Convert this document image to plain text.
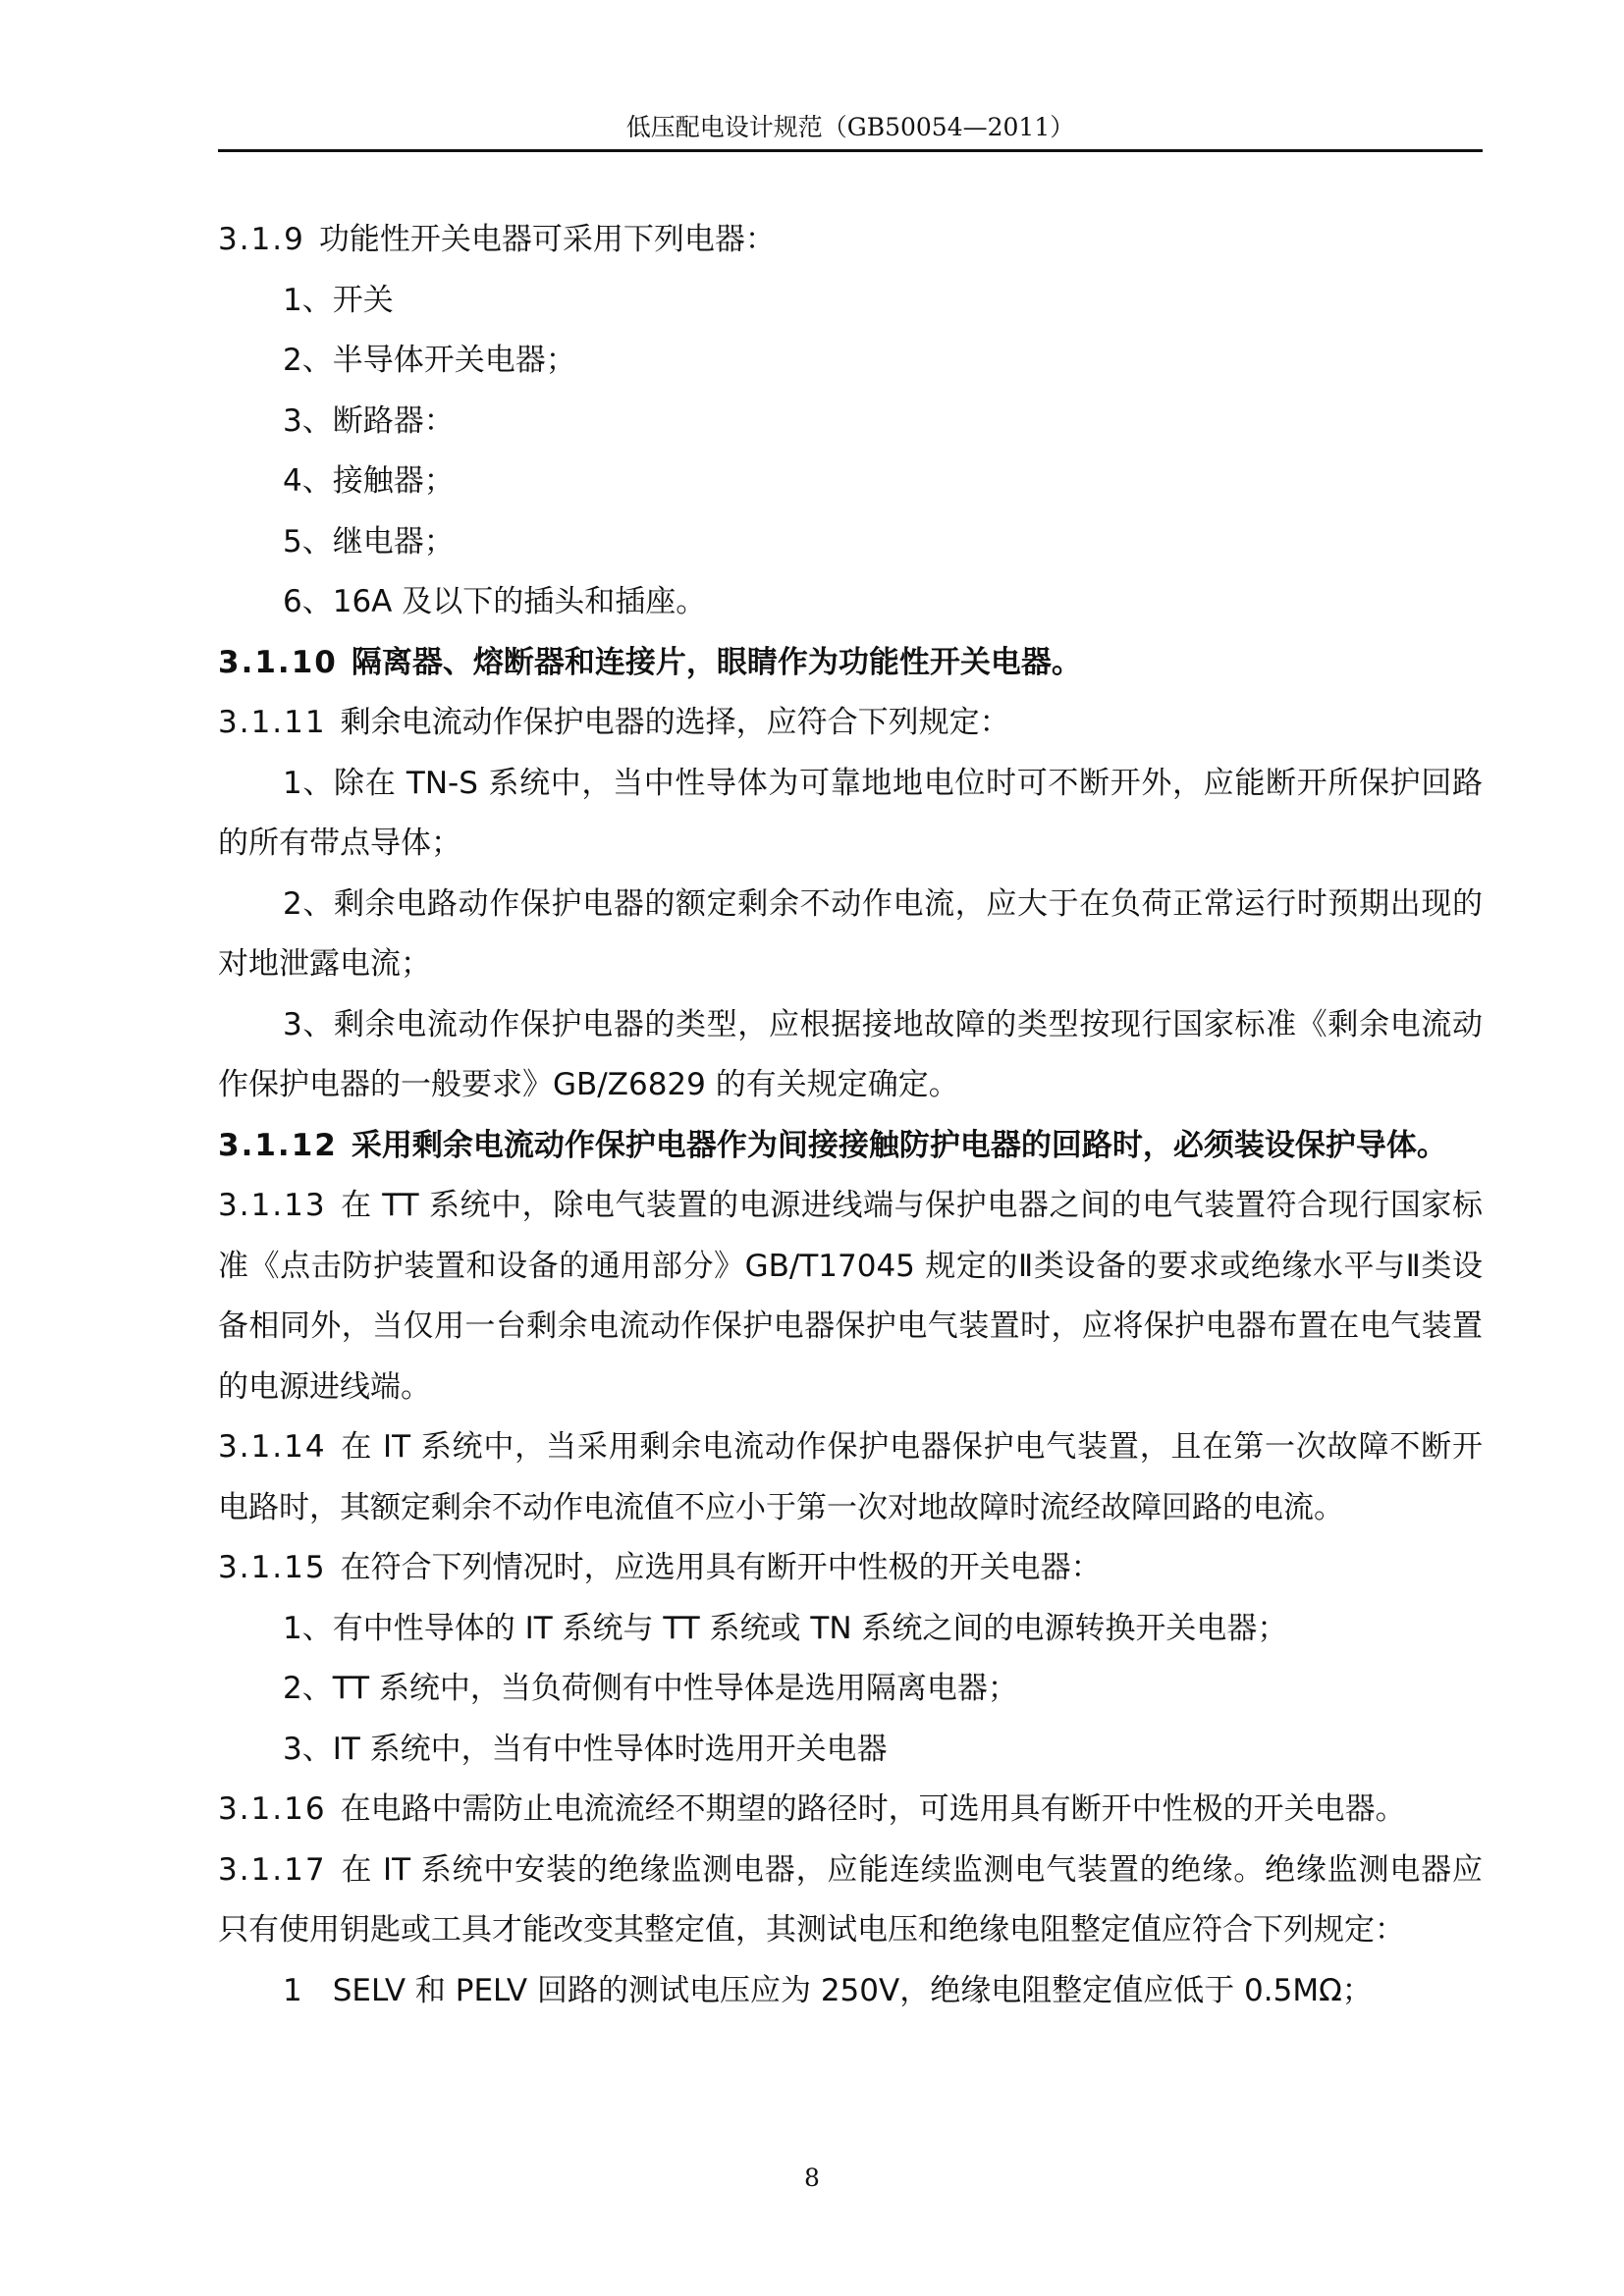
低压配电设计规范（GB50054—2011）

3.1.9 功能性开关电器可采用下列电器：

1、开关

2、半导体开关电器；

3、断路器：

4、接触器；

5、继电器；

6、16A 及以下的插头和插座。

3.1.10 隔离器、熔断器和连接片，眼睛作为功能性开关电器。

3.1.11 剩余电流动作保护电器的选择，应符合下列规定：

1、除在 TN-S 系统中，当中性导体为可靠地地电位时可不断开外，应能断开所保护回路的所有带点导体；

2、剩余电路动作保护电器的额定剩余不动作电流，应大于在负荷正常运行时预期出现的对地泄露电流；

3、剩余电流动作保护电器的类型，应根据接地故障的类型按现行国家标准《剩余电流动作保护电器的一般要求》GB/Z6829 的有关规定确定。

3.1.12 采用剩余电流动作保护电器作为间接接触防护电器的回路时，必须装设保护导体。

3.1.13 在 TT 系统中，除电气装置的电源进线端与保护电器之间的电气装置符合现行国家标准《点击防护装置和设备的通用部分》GB/T17045 规定的Ⅱ类设备的要求或绝缘水平与Ⅱ类设备相同外，当仅用一台剩余电流动作保护电器保护电气装置时，应将保护电器布置在电气装置的电源进线端。

3.1.14 在 IT 系统中，当采用剩余电流动作保护电器保护电气装置，且在第一次故障不断开电路时，其额定剩余不动作电流值不应小于第一次对地故障时流经故障回路的电流。

3.1.15 在符合下列情况时，应选用具有断开中性极的开关电器：

1、有中性导体的 IT 系统与 TT 系统或 TN 系统之间的电源转换开关电器；

2、TT 系统中，当负荷侧有中性导体是选用隔离电器；

3、IT 系统中，当有中性导体时选用开关电器

3.1.16 在电路中需防止电流流经不期望的路径时，可选用具有断开中性极的开关电器。

3.1.17 在 IT 系统中安装的绝缘监测电器，应能连续监测电气装置的绝缘。绝缘监测电器应只有使用钥匙或工具才能改变其整定值，其测试电压和绝缘电阻整定值应符合下列规定：

1　SELV 和 PELV 回路的测试电压应为 250V，绝缘电阻整定值应低于 0.5MΩ；

8
